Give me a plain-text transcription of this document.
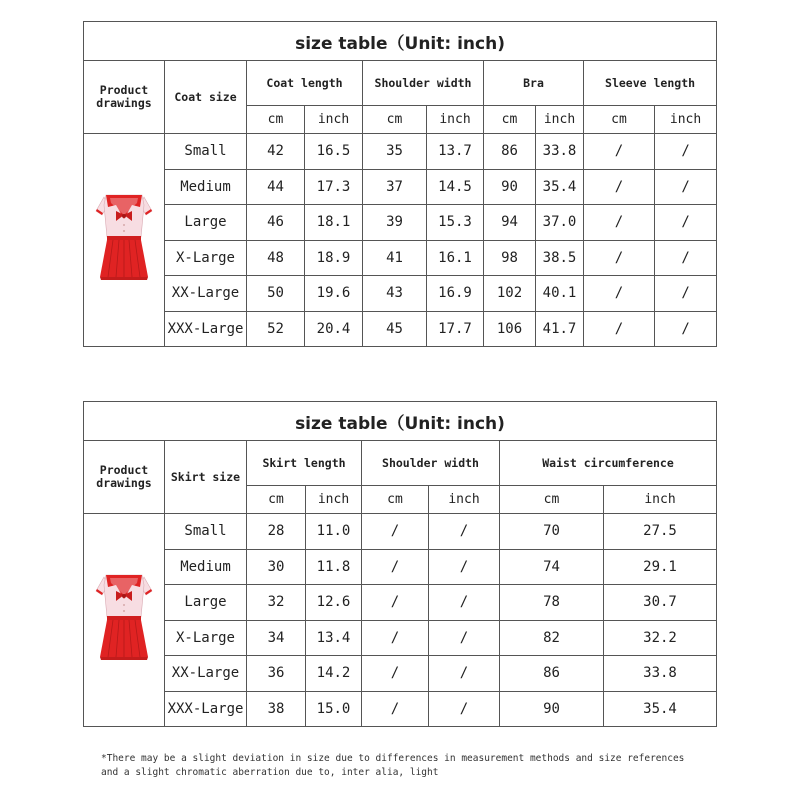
size table（Unit: inch)									
Product drawings	Coat size	Coat length		Shoulder width		Bra		Sleeve length	
		cm	inch	cm	inch	cm	inch	cm	inch

	Small	42	16.5	35	13.7	86	33.8	/	/
	Medium	44	17.3	37	14.5	90	35.4	/	/
	Large	46	18.1	39	15.3	94	37.0	/	/
	X-Large	48	18.9	41	16.1	98	38.5	/	/
	XX-Large	50	19.6	43	16.9	102	40.1	/	/
	XXX-Large	52	20.4	45	17.7	106	41.7	/	/
size table（Unit: inch)							
Product drawings	Skirt size	Skirt length		Shoulder width		Waist circumference	
		cm	inch	cm	inch	cm	inch

	Small	28	11.0	/	/	70	27.5
	Medium	30	11.8	/	/	74	29.1
	Large	32	12.6	/	/	78	30.7
	X-Large	34	13.4	/	/	82	32.2
	XX-Large	36	14.2	/	/	86	33.8
	XXX-Large	38	15.0	/	/	90	35.4
*There may be a slight deviation in size due to differences in measurement methods and size references and a slight chromatic aberration due to, inter alia, light
